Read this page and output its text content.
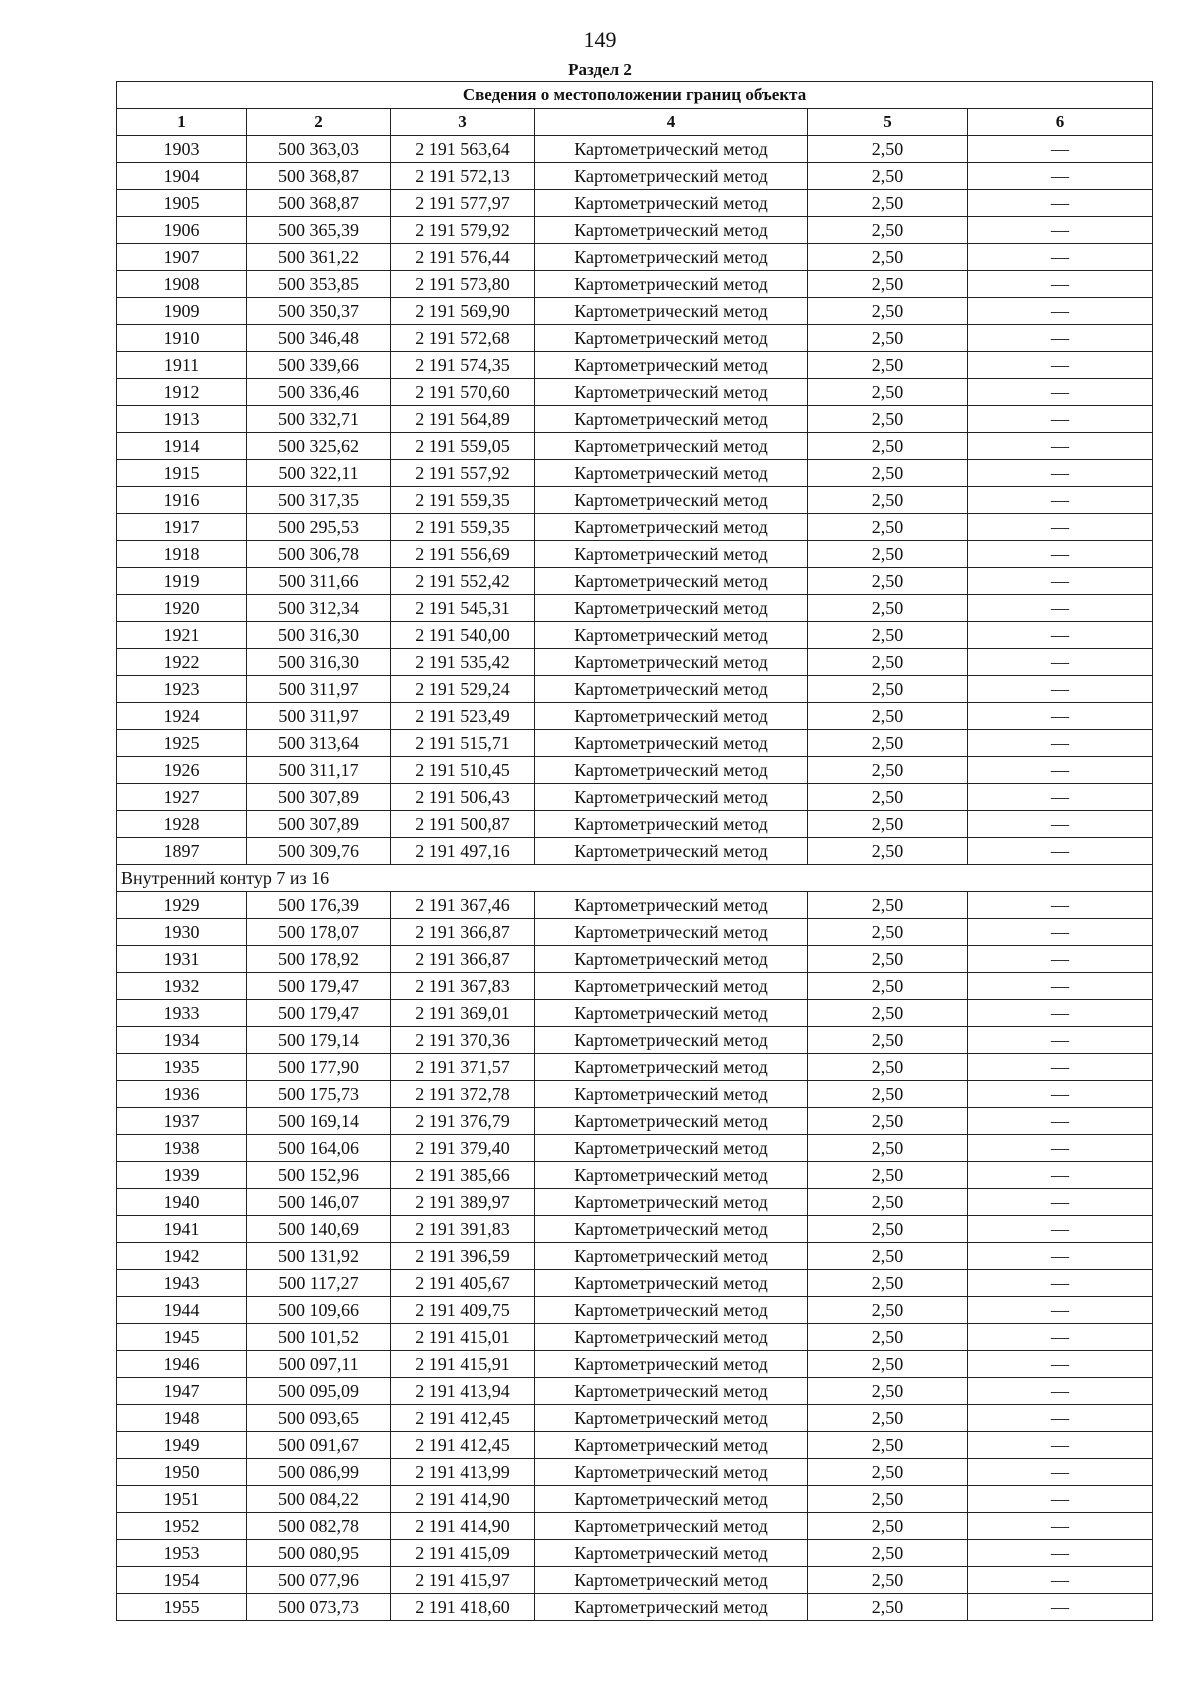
149
Раздел 2
Сведения о местоположении границ объекта					
1	2	3	4	5	6
1903	500 363,03	2 191 563,64	Картометрический метод	2,50	—
1904	500 368,87	2 191 572,13	Картометрический метод	2,50	—
1905	500 368,87	2 191 577,97	Картометрический метод	2,50	—
1906	500 365,39	2 191 579,92	Картометрический метод	2,50	—
1907	500 361,22	2 191 576,44	Картометрический метод	2,50	—
1908	500 353,85	2 191 573,80	Картометрический метод	2,50	—
1909	500 350,37	2 191 569,90	Картометрический метод	2,50	—
1910	500 346,48	2 191 572,68	Картометрический метод	2,50	—
1911	500 339,66	2 191 574,35	Картометрический метод	2,50	—
1912	500 336,46	2 191 570,60	Картометрический метод	2,50	—
1913	500 332,71	2 191 564,89	Картометрический метод	2,50	—
1914	500 325,62	2 191 559,05	Картометрический метод	2,50	—
1915	500 322,11	2 191 557,92	Картометрический метод	2,50	—
1916	500 317,35	2 191 559,35	Картометрический метод	2,50	—
1917	500 295,53	2 191 559,35	Картометрический метод	2,50	—
1918	500 306,78	2 191 556,69	Картометрический метод	2,50	—
1919	500 311,66	2 191 552,42	Картометрический метод	2,50	—
1920	500 312,34	2 191 545,31	Картометрический метод	2,50	—
1921	500 316,30	2 191 540,00	Картометрический метод	2,50	—
1922	500 316,30	2 191 535,42	Картометрический метод	2,50	—
1923	500 311,97	2 191 529,24	Картометрический метод	2,50	—
1924	500 311,97	2 191 523,49	Картометрический метод	2,50	—
1925	500 313,64	2 191 515,71	Картометрический метод	2,50	—
1926	500 311,17	2 191 510,45	Картометрический метод	2,50	—
1927	500 307,89	2 191 506,43	Картометрический метод	2,50	—
1928	500 307,89	2 191 500,87	Картометрический метод	2,50	—
1897	500 309,76	2 191 497,16	Картометрический метод	2,50	—
Внутренний контур 7 из 16					
1929	500 176,39	2 191 367,46	Картометрический метод	2,50	—
1930	500 178,07	2 191 366,87	Картометрический метод	2,50	—
1931	500 178,92	2 191 366,87	Картометрический метод	2,50	—
1932	500 179,47	2 191 367,83	Картометрический метод	2,50	—
1933	500 179,47	2 191 369,01	Картометрический метод	2,50	—
1934	500 179,14	2 191 370,36	Картометрический метод	2,50	—
1935	500 177,90	2 191 371,57	Картометрический метод	2,50	—
1936	500 175,73	2 191 372,78	Картометрический метод	2,50	—
1937	500 169,14	2 191 376,79	Картометрический метод	2,50	—
1938	500 164,06	2 191 379,40	Картометрический метод	2,50	—
1939	500 152,96	2 191 385,66	Картометрический метод	2,50	—
1940	500 146,07	2 191 389,97	Картометрический метод	2,50	—
1941	500 140,69	2 191 391,83	Картометрический метод	2,50	—
1942	500 131,92	2 191 396,59	Картометрический метод	2,50	—
1943	500 117,27	2 191 405,67	Картометрический метод	2,50	—
1944	500 109,66	2 191 409,75	Картометрический метод	2,50	—
1945	500 101,52	2 191 415,01	Картометрический метод	2,50	—
1946	500 097,11	2 191 415,91	Картометрический метод	2,50	—
1947	500 095,09	2 191 413,94	Картометрический метод	2,50	—
1948	500 093,65	2 191 412,45	Картометрический метод	2,50	—
1949	500 091,67	2 191 412,45	Картометрический метод	2,50	—
1950	500 086,99	2 191 413,99	Картометрический метод	2,50	—
1951	500 084,22	2 191 414,90	Картометрический метод	2,50	—
1952	500 082,78	2 191 414,90	Картометрический метод	2,50	—
1953	500 080,95	2 191 415,09	Картометрический метод	2,50	—
1954	500 077,96	2 191 415,97	Картометрический метод	2,50	—
1955	500 073,73	2 191 418,60	Картометрический метод	2,50	—
